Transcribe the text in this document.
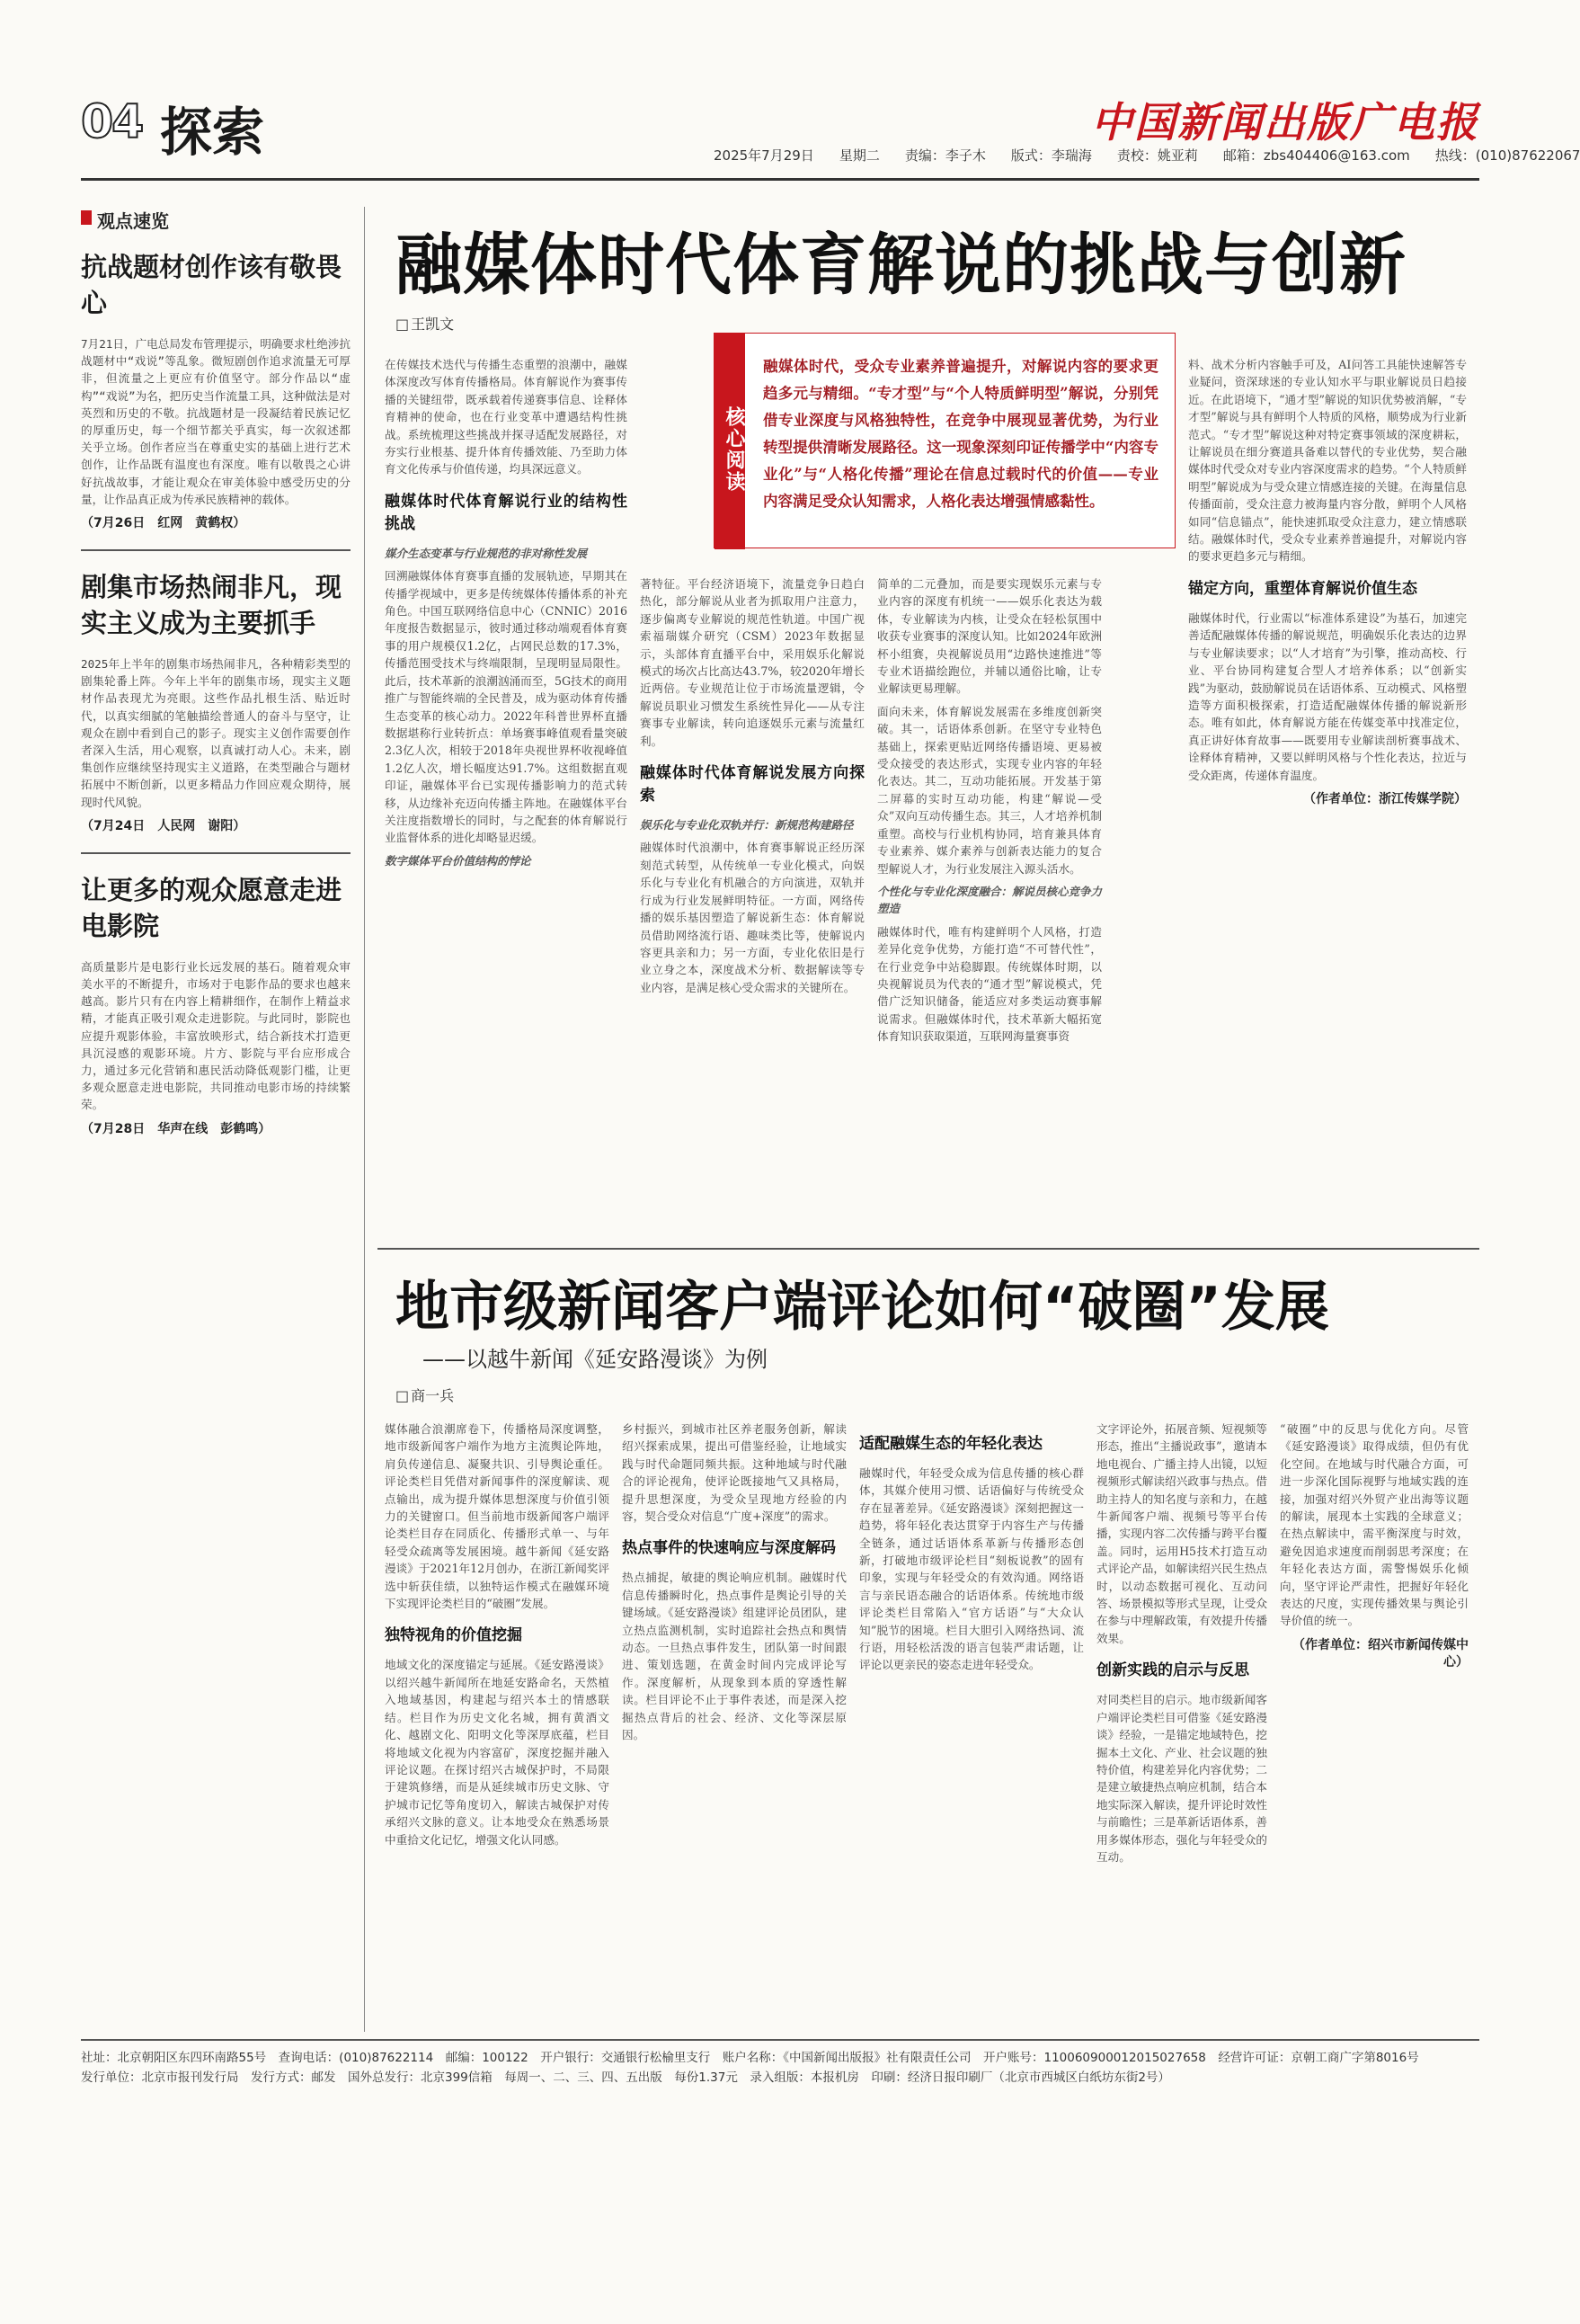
04 探索	中国新闻出版广电报
2025年7月29日 星期二 责编：李子木 版式：李瑞海 责校：姚亚莉 邮箱：zbs404406@163.com 热线：(010)87622067
观点速览
抗战题材创作该有敬畏心
7月21日，广电总局发布管理提示，明确要求杜绝涉抗战题材中“戏说”等乱象。微短剧创作追求流量无可厚非，但流量之上更应有价值坚守。部分作品以“虚构”“戏说”为名，把历史当作流量工具，这种做法是对英烈和历史的不敬。抗战题材是一段凝结着民族记忆的厚重历史，每一个细节都关乎真实，每一次叙述都关乎立场。创作者应当在尊重史实的基础上进行艺术创作，让作品既有温度也有深度。唯有以敬畏之心讲好抗战故事，才能让观众在审美体验中感受历史的分量，让作品真正成为传承民族精神的载体。
（7月26日　红网　黄鹤权）
剧集市场热闹非凡，现实主义成为主要抓手
2025年上半年的剧集市场热闹非凡，各种精彩类型的剧集轮番上阵。今年上半年的剧集市场，现实主义题材作品表现尤为亮眼。这些作品扎根生活、贴近时代，以真实细腻的笔触描绘普通人的奋斗与坚守，让观众在剧中看到自己的影子。现实主义创作需要创作者深入生活，用心观察，以真诚打动人心。未来，剧集创作应继续坚持现实主义道路，在类型融合与题材拓展中不断创新，以更多精品力作回应观众期待，展现时代风貌。
（7月24日　人民网　谢阳）
让更多的观众愿意走进电影院
高质量影片是电影行业长远发展的基石。随着观众审美水平的不断提升，市场对于电影作品的要求也越来越高。影片只有在内容上精耕细作，在制作上精益求精，才能真正吸引观众走进影院。与此同时，影院也应提升观影体验，丰富放映形式，结合新技术打造更具沉浸感的观影环境。片方、影院与平台应形成合力，通过多元化营销和惠民活动降低观影门槛，让更多观众愿意走进电影院，共同推动电影市场的持续繁荣。
（7月28日　华声在线　彭鹤鸣）
融媒体时代体育解说的挑战与创新
□ 王凯文
核心阅读
融媒体时代，受众专业素养普遍提升，对解说内容的要求更趋多元与精细。“专才型”与“个人特质鲜明型”解说，分别凭借专业深度与风格独特性，在竞争中展现显著优势，为行业转型提供清晰发展路径。这一现象深刻印证传播学中“内容专业化”与“人格化传播”理论在信息过载时代的价值——专业内容满足受众认知需求，人格化表达增强情感黏性。

在传媒技术迭代与传播生态重塑的浪潮中，融媒体深度改写体育传播格局。体育解说作为赛事传播的关键纽带，既承载着传递赛事信息、诠释体育精神的使命，也在行业变革中遭遇结构性挑战。系统梳理这些挑战并探寻适配发展路径，对夯实行业根基、提升体育传播效能、乃至助力体育文化传承与价值传递，均具深远意义。

融媒体时代体育解说行业的结构性挑战
媒介生态变革与行业规范的非对称性发展

回溯融媒体体育赛事直播的发展轨迹，早期其在传播学视域中，更多是传统媒体传播体系的补充角色。中国互联网络信息中心（CNNIC）2016年度报告数据显示，彼时通过移动端观看体育赛事的用户规模仅1.2亿，占网民总数的17.3%，传播范围受技术与终端限制，呈现明显局限性。此后，技术革新的浪潮汹涌而至，5G技术的商用推广与智能终端的全民普及，成为驱动体育传播生态变革的核心动力。2022年科普世界杯直播数据堪称行业转折点：单场赛事峰值观看量突破2.3亿人次，相较于2018年央视世界杯收视峰值1.2亿人次，增长幅度达91.7%。这组数据直观印证，融媒体平台已实现传播影响力的范式转移，从边缘补充迈向传播主阵地。在融媒体平台关注度指数增长的同时，与之配套的体育解说行业监督体系的进化却略显迟缓。

数字媒体平台价值结构的悖论

著特征。平台经济语境下，流量竞争日趋白热化，部分解说从业者为抓取用户注意力，逐步偏离专业解说的规范性轨道。中国广视索福瑞媒介研究（CSM）2023年数据显示，头部体育直播平台中，采用娱乐化解说模式的场次占比高达43.7%，较2020年增长近两倍。专业规范让位于市场流量逻辑，令解说员职业习惯发生系统性异化——从专注赛事专业解读，转向追逐娱乐元素与流量红利。

融媒体时代体育解说发展方向探索
娱乐化与专业化双轨并行：新规范构建路径

融媒体时代浪潮中，体育赛事解说正经历深刻范式转型，从传统单一专业化模式，向娱乐化与专业化有机融合的方向演进，双轨并行成为行业发展鲜明特征。一方面，网络传播的娱乐基因塑造了解说新生态：体育解说员借助网络流行语、趣味类比等，使解说内容更具亲和力；另一方面，专业化依旧是行业立身之本，深度战术分析、数据解读等专业内容，是满足核心受众需求的关键所在。

简单的二元叠加，而是要实现娱乐元素与专业内容的深度有机统一——娱乐化表达为载体，专业解读为内核，让受众在轻松氛围中收获专业赛事的深度认知。比如2024年欧洲杯小组赛，央视解说员用“边路快速推进”等专业术语描绘跑位，并辅以通俗比喻，让专业解读更易理解。

面向未来，体育解说发展需在多维度创新突破。其一，话语体系创新。在坚守专业特色基础上，探索更贴近网络传播语境、更易被受众接受的表达形式，实现专业内容的年轻化表达。其二，互动功能拓展。开发基于第二屏幕的实时互动功能，构建“解说—受众”双向互动传播生态。其三，人才培养机制重塑。高校与行业机构协同，培育兼具体育专业素养、媒介素养与创新表达能力的复合型解说人才，为行业发展注入源头活水。

个性化与专业化深度融合：解说员核心竞争力塑造

融媒体时代，唯有构建鲜明个人风格，打造差异化竞争优势，方能打造“不可替代性”，在行业竞争中站稳脚跟。传统媒体时期，以央视解说员为代表的“通才型”解说模式，凭借广泛知识储备，能适应对多类运动赛事解说需求。但融媒体时代，技术革新大幅拓宽体育知识获取渠道，互联网海量赛事资

料、战术分析内容触手可及，AI问答工具能快速解答专业疑问，资深球迷的专业认知水平与职业解说员日趋接近。在此语境下，“通才型”解说的知识优势被消解，“专才型”解说与具有鲜明个人特质的风格，顺势成为行业新范式。“专才型”解说这种对特定赛事领域的深度耕耘，让解说员在细分赛道具备难以替代的专业优势，契合融媒体时代受众对专业内容深度需求的趋势。“个人特质鲜明型”解说成为与受众建立情感连接的关键。在海量信息传播面前，受众注意力被海量内容分散，鲜明个人风格如同“信息锚点”，能快速抓取受众注意力，建立情感联结。融媒体时代，受众专业素养普遍提升，对解说内容的要求更趋多元与精细。

锚定方向，重塑体育解说价值生态

融媒体时代，行业需以“标准体系建设”为基石，加速完善适配融媒体传播的解说规范，明确娱乐化表达的边界与专业解读要求；以“人才培育”为引擎，推动高校、行业、平台协同构建复合型人才培养体系；以“创新实践”为驱动，鼓励解说员在话语体系、互动模式、风格塑造等方面积极探索，打造适配融媒体传播的解说新形态。唯有如此，体育解说方能在传媒变革中找准定位，真正讲好体育故事——既要用专业解读剖析赛事战术、诠释体育精神，又要以鲜明风格与个性化表达，拉近与受众距离，传递体育温度。

（作者单位：浙江传媒学院）
地市级新闻客户端评论如何“破圈”发展
——以越牛新闻《延安路漫谈》为例
□ 商一兵

媒体融合浪潮席卷下，传播格局深度调整，地市级新闻客户端作为地方主流舆论阵地，肩负传递信息、凝聚共识、引导舆论重任。评论类栏目凭借对新闻事件的深度解读、观点输出，成为提升媒体思想深度与价值引领力的关键窗口。但当前地市级新闻客户端评论类栏目存在同质化、传播形式单一、与年轻受众疏离等发展困境。越牛新闻《延安路漫谈》于2021年12月创办，在浙江新闻奖评选中斩获佳绩，以独特运作模式在融媒环境下实现评论类栏目的“破圈”发展。

独特视角的价值挖掘

地域文化的深度锚定与延展。《延安路漫谈》以绍兴越牛新闻所在地延安路命名，天然植入地域基因，构建起与绍兴本土的情感联结。栏目作为历史文化名城，拥有黄酒文化、越剧文化、阳明文化等深厚底蕴，栏目将地域文化视为内容富矿，深度挖掘并融入评论议题。在探讨绍兴古城保护时，不局限于建筑修缮，而是从延续城市历史文脉、守护城市记忆等角度切入，解读古城保护对传承绍兴文脉的意义。让本地受众在熟悉场景中重拾文化记忆，增强文化认同感。

乡村振兴，到城市社区养老服务创新，解读绍兴探索成果，提出可借鉴经验，让地域实践与时代命题同频共振。这种地域与时代融合的评论视角，使评论既接地气又具格局，提升思想深度，为受众呈现地方经验的内容，契合受众对信息“广度+深度”的需求。

热点事件的快速响应与深度解码

热点捕捉，敏捷的舆论响应机制。融媒时代信息传播瞬时化，热点事件是舆论引导的关键场域。《延安路漫谈》组建评论员团队，建立热点监测机制，实时追踪社会热点和舆情动态。一旦热点事件发生，团队第一时间跟进、策划选题，在黄金时间内完成评论写作。深度解析，从现象到本质的穿透性解读。栏目评论不止于事件表述，而是深入挖掘热点背后的社会、经济、文化等深层原因。

适配融媒生态的年轻化表达

融媒时代，年轻受众成为信息传播的核心群体，其媒介使用习惯、话语偏好与传统受众存在显著差异。《延安路漫谈》深刻把握这一趋势，将年轻化表达贯穿于内容生产与传播全链条，通过话语体系革新与传播形态创新，打破地市级评论栏目“刻板说教”的固有印象，实现与年轻受众的有效沟通。网络语言与亲民语态融合的话语体系。传统地市级评论类栏目常陷入“官方话语”与“大众认知”脱节的困境。栏目大胆引入网络热词、流行语，用轻松活泼的语言包装严肃话题，让评论以更亲民的姿态走进年轻受众。

文字评论外，拓展音频、短视频等形态，推出“主播说政事”，邀请本地电视台、广播主持人出镜，以短视频形式解读绍兴政事与热点。借助主持人的知名度与亲和力，在越牛新闻客户端、视频号等平台传播，实现内容二次传播与跨平台覆盖。同时，运用H5技术打造互动式评论产品，如解读绍兴民生热点时，以动态数据可视化、互动问答、场景模拟等形式呈现，让受众在参与中理解政策，有效提升传播效果。

创新实践的启示与反思

对同类栏目的启示。地市级新闻客户端评论类栏目可借鉴《延安路漫谈》经验，一是锚定地域特色，挖掘本土文化、产业、社会议题的独特价值，构建差异化内容优势；二是建立敏捷热点响应机制，结合本地实际深入解读，提升评论时效性与前瞻性；三是革新话语体系，善用多媒体形态，强化与年轻受众的互动。

“破圈”中的反思与优化方向。尽管《延安路漫谈》取得成绩，但仍有优化空间。在地域与时代融合方面，可进一步深化国际视野与地域实践的连接，加强对绍兴外贸产业出海等议题的解读，展现本土实践的全球意义；在热点解读中，需平衡深度与时效，避免因追求速度而削弱思考深度；在年轻化表达方面，需警惕娱乐化倾向，坚守评论严肃性，把握好年轻化表达的尺度，实现传播效果与舆论引导价值的统一。

（作者单位：绍兴市新闻传媒中心）
社址：北京朝阳区东四环南路55号　查询电话：(010)87622114　邮编：100122　开户银行：交通银行松榆里支行　账户名称：《中国新闻出版报》社有限责任公司　开户账号：110060900012015027658　经营许可证：京朝工商广字第8016号
发行单位：北京市报刊发行局　发行方式：邮发　国外总发行：北京399信箱　每周一、二、三、四、五出版　每份1.37元　录入组版：本报机房　印刷：经济日报印刷厂（北京市西城区白纸坊东街2号）
